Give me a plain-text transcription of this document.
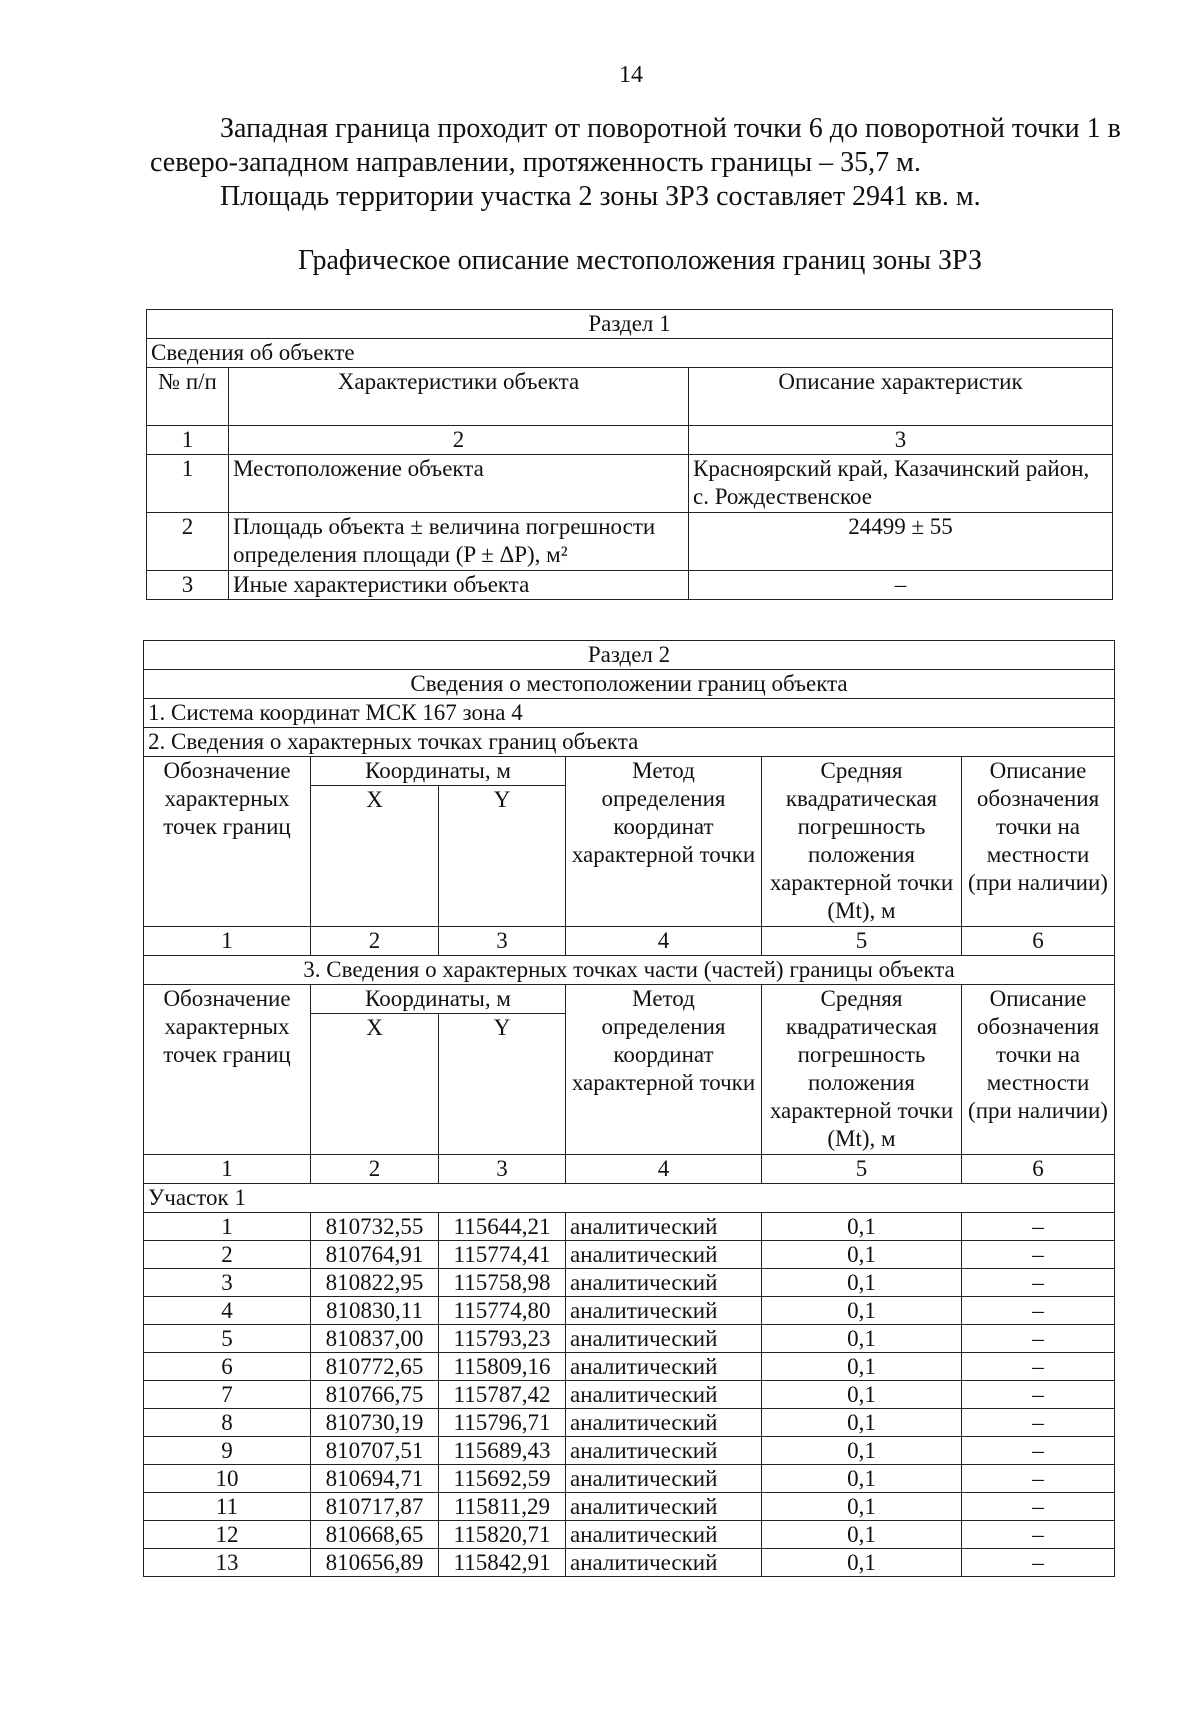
14
Западная граница проходит от поворотной точки 6 до поворотной точки 1 в северо-западном направлении, протяженность границы – 35,7 м.
Площадь территории участка 2 зоны ЗРЗ составляет 2941 кв. м.
Графическое описание местоположения границ зоны ЗРЗ
Раздел 1		
Сведения об объекте		
№ п/п	Характеристики объекта	Описание характеристик
1	2	3
1	Местоположение объекта	Красноярский край, Казачинский район, с. Рождественское
2	Площадь объекта ± величина погрешности определения площади (P ± ΔP), м²	24499 ± 55
3	Иные характеристики объекта	–
Раздел 2					
Сведения о местоположении границ объекта					
1. Система координат МСК 167 зона 4					
2. Сведения о характерных точках границ объекта					
Обозначение характерных точек границ	Координаты, м		Метод определения координат характерной точки	Средняя квадратическая погрешность положения характерной точки (Mt), м	Описание обозначения точки на местности (при наличии)
	X	Y			
1	2	3	4	5	6
3. Сведения о характерных точках части (частей) границы объекта					
Обозначение характерных точек границ	Координаты, м		Метод определения координат характерной точки	Средняя квадратическая погрешность положения характерной точки (Mt), м	Описание обозначения точки на местности (при наличии)
	X	Y			
1	2	3	4	5	6
Участок 1					
1	810732,55	115644,21	аналитический	0,1	–
2	810764,91	115774,41	аналитический	0,1	–
3	810822,95	115758,98	аналитический	0,1	–
4	810830,11	115774,80	аналитический	0,1	–
5	810837,00	115793,23	аналитический	0,1	–
6	810772,65	115809,16	аналитический	0,1	–
7	810766,75	115787,42	аналитический	0,1	–
8	810730,19	115796,71	аналитический	0,1	–
9	810707,51	115689,43	аналитический	0,1	–
10	810694,71	115692,59	аналитический	0,1	–
11	810717,87	115811,29	аналитический	0,1	–
12	810668,65	115820,71	аналитический	0,1	–
13	810656,89	115842,91	аналитический	0,1	–
